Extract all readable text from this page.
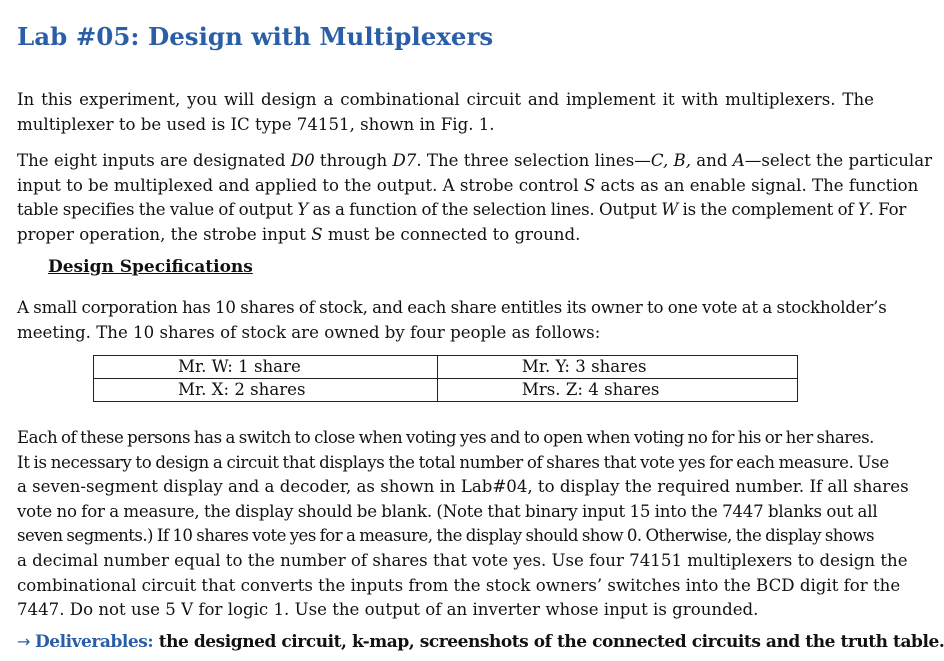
Lab #05: Design with Multiplexers

In this experiment, you will design a combinational circuit and implement it with multiplexers. The
multiplexer to be used is IC type 74151, shown in Fig. 1.

The eight inputs are designated D0 through D7. The three selection lines—C, B, and A—select the particular
input to be multiplexed and applied to the output. A strobe control S acts as an enable signal. The function
table specifies the value of output Y as a function of the selection lines. Output W is the complement of Y. For
proper operation, the strobe input S must be connected to ground.

Design Specifications

A small corporation has 10 shares of stock, and each share entitles its owner to one vote at a stockholder’s
meeting. The 10 shares of stock are owned by four people as follows:

Mr. W: 1 share	Mr. Y: 3 shares
Mr. X: 2 shares	Mrs. Z: 4 shares

Each of these persons has a switch to close when voting yes and to open when voting no for his or her shares.
It is necessary to design a circuit that displays the total number of shares that vote yes for each measure. Use
a seven-segment display and a decoder, as shown in Lab#04, to display the required number. If all shares
vote no for a measure, the display should be blank. (Note that binary input 15 into the 7447 blanks out all
seven segments.) If 10 shares vote yes for a measure, the display should show 0. Otherwise, the display shows
a decimal number equal to the number of shares that vote yes. Use four 74151 multiplexers to design the
combinational circuit that converts the inputs from the stock owners’ switches into the BCD digit for the
7447. Do not use 5 V for logic 1. Use the output of an inverter whose input is grounded.

→ Deliverables: the designed circuit, k-map, screenshots of the connected circuits and the truth table.
